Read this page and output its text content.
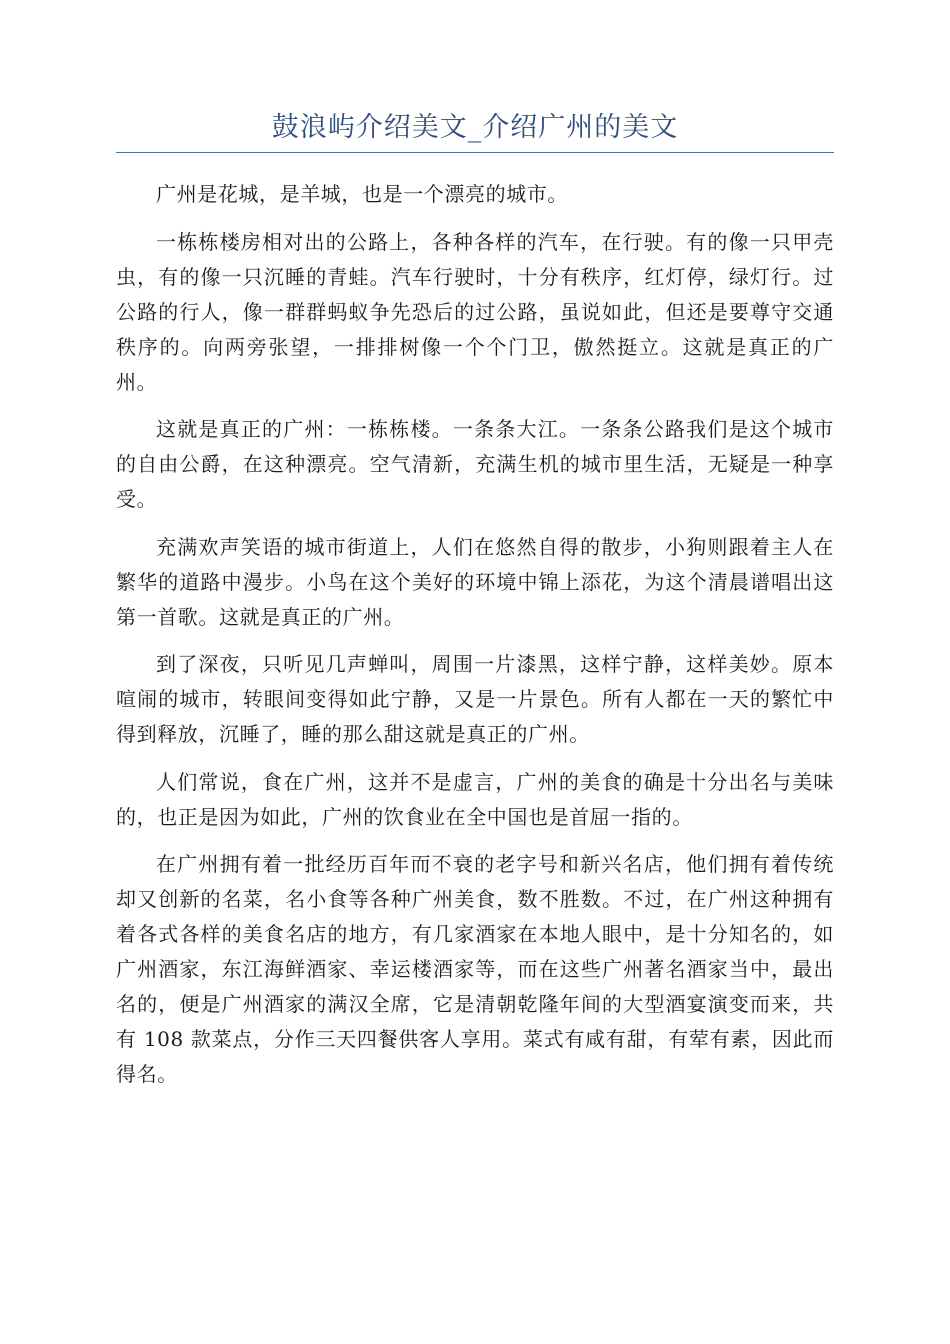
鼓浪屿介绍美文_介绍广州的美文

广州是花城，是羊城，也是一个漂亮的城市。

一栋栋楼房相对出的公路上，各种各样的汽车，在行驶。有的像一只甲壳虫，有的像一只沉睡的青蛙。汽车行驶时，十分有秩序，红灯停，绿灯行。过公路的行人，像一群群蚂蚁争先恐后的过公路，虽说如此，但还是要尊守交通秩序的。向两旁张望，一排排树像一个个门卫，傲然挺立。这就是真正的广州。

这就是真正的广州：一栋栋楼。一条条大江。一条条公路我们是这个城市的自由公爵，在这种漂亮。空气清新，充满生机的城市里生活，无疑是一种享受。

充满欢声笑语的城市街道上，人们在悠然自得的散步，小狗则跟着主人在繁华的道路中漫步。小鸟在这个美好的环境中锦上添花，为这个清晨谱唱出这第一首歌。这就是真正的广州。

到了深夜，只听见几声蝉叫，周围一片漆黑，这样宁静，这样美妙。原本喧闹的城市，转眼间变得如此宁静，又是一片景色。所有人都在一天的繁忙中得到释放，沉睡了，睡的那么甜这就是真正的广州。

人们常说，食在广州，这并不是虚言，广州的美食的确是十分出名与美味的，也正是因为如此，广州的饮食业在全中国也是首屈一指的。

在广州拥有着一批经历百年而不衰的老字号和新兴名店，他们拥有着传统却又创新的名菜，名小食等各种广州美食，数不胜数。不过，在广州这种拥有着各式各样的美食名店的地方，有几家酒家在本地人眼中，是十分知名的，如广州酒家，东江海鲜酒家、幸运楼酒家等，而在这些广州著名酒家当中，最出名的，便是广州酒家的满汉全席，它是清朝乾隆年间的大型酒宴演变而来，共有 108 款菜点，分作三天四餐供客人享用。菜式有咸有甜，有荤有素，因此而得名。
